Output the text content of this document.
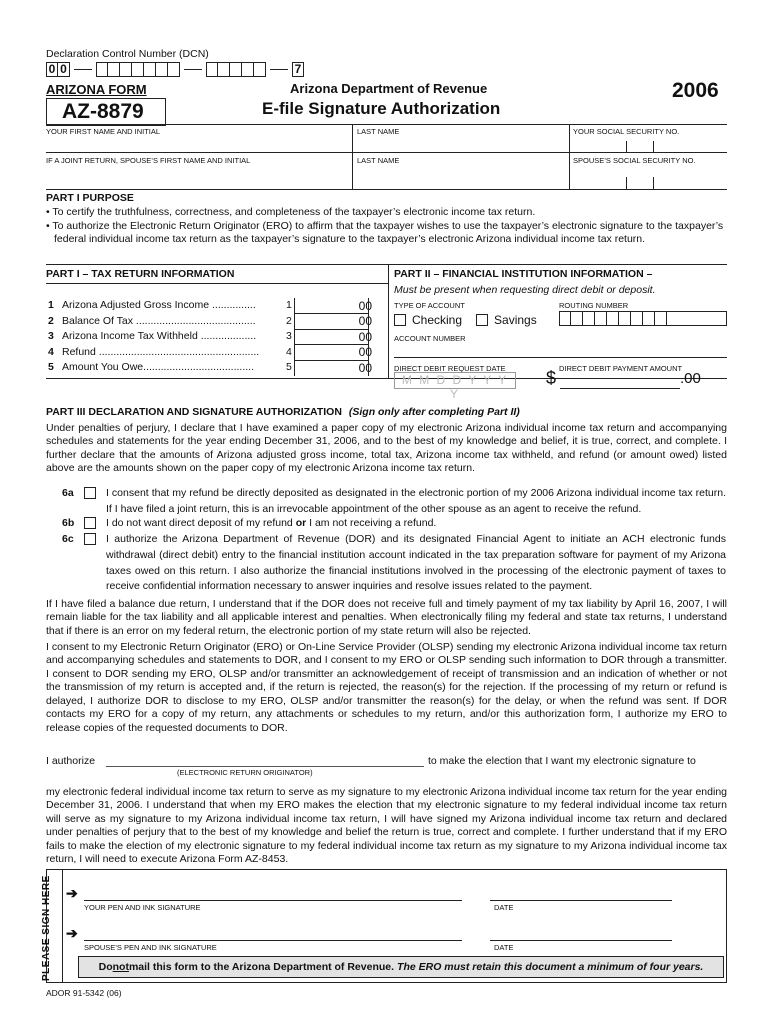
Declaration Control Number (DCN)
0 0	7
ARIZONA FORM
AZ-8879
Arizona Department of Revenue
E-file Signature Authorization
2006
YOUR FIRST NAME AND INITIAL	LAST NAME	YOUR SOCIAL SECURITY NO.
IF A JOINT RETURN, SPOUSE’S FIRST NAME AND INITIAL	LAST NAME	SPOUSE’S SOCIAL SECURITY NO.
PART I PURPOSE
• To certify the truthfulness, correctness, and completeness of the taxpayer’s electronic income tax return.
• To authorize the Electronic Return Originator (ERO) to affirm that the taxpayer wishes to use the taxpayer’s electronic signature to the taxpayer’s federal individual income tax return as the taxpayer’s signature to the taxpayer’s electronic Arizona individual income tax return.
PART I – TAX RETURN INFORMATION
1 Arizona Adjusted Gross Income ...............	1	00
2 Balance Of Tax .........................................	2	00
3 Arizona Income Tax Withheld ...................	3	00
4 Refund .......................................................	4	00
5 Amount You Owe......................................	5	00
PART II – FINANCIAL INSTITUTION INFORMATION –
Must be present when requesting direct debit or deposit.
TYPE OF ACCOUNT	ROUTING NUMBER
Checking	Savings
ACCOUNT NUMBER
DIRECT DEBIT REQUEST DATE	DIRECT DEBIT PAYMENT AMOUNT
M M D D Y Y Y Y
$	.00
PART III DECLARATION AND SIGNATURE AUTHORIZATION (Sign only after completing Part II)
Under penalties of perjury, I declare that I have examined a paper copy of my electronic Arizona individual income tax return and accompanying schedules and statements for the year ending December 31, 2006, and to the best of my knowledge and belief, it is true, correct, and complete. I further declare that the amounts of Arizona adjusted gross income, total tax, Arizona income tax withheld, and refund (or amount owed) listed above are the amounts shown on the paper copy of my electronic Arizona income tax return.
6a	I consent that my refund be directly deposited as designated in the electronic portion of my 2006 Arizona individual income tax return. If I have filed a joint return, this is an irrevocable appointment of the other spouse as an agent to receive the refund.
6b	I do not want direct deposit of my refund or I am not receiving a refund.
6c	I authorize the Arizona Department of Revenue (DOR) and its designated Financial Agent to initiate an ACH electronic funds withdrawal (direct debit) entry to the financial institution account indicated in the tax preparation software for payment of my Arizona taxes owed on this return. I also authorize the financial institutions involved in the processing of the electronic payment of taxes to receive confidential information necessary to answer inquiries and resolve issues related to the payment.
If I have filed a balance due return, I understand that if the DOR does not receive full and timely payment of my tax liability by April 16, 2007, I will remain liable for the tax liability and all applicable interest and penalties. When electronically filing my federal and state tax returns, I understand that if there is an error on my federal return, the electronic portion of my state return will also be rejected.
I consent to my Electronic Return Originator (ERO) or On-Line Service Provider (OLSP) sending my electronic Arizona individual income tax return and accompanying schedules and statements to DOR, and I consent to my ERO or OLSP sending such information to DOR through a transmitter. I consent to DOR sending my ERO, OLSP and/or transmitter an acknowledgement of receipt of transmission and an indication of whether or not the transmission of my return is accepted and, if the return is rejected, the reason(s) for the rejection. If the processing of my return or refund is delayed, I authorize DOR to disclose to my ERO, OLSP and/or transmitter the reason(s) for the delay, or when the refund was sent. If DOR contacts my ERO for a copy of my return, any attachments or schedules to my return, and/or this authorization form, I authorize my ERO to release copies of the requested documents to DOR.
I authorize	to make the election that I want my electronic signature to
(ELECTRONIC RETURN ORIGINATOR)
my electronic federal individual income tax return to serve as my signature to my electronic Arizona individual income tax return for the year ending December 31, 2006. I understand that when my ERO makes the election that my electronic signature to my federal individual income tax return will serve as my signature to my Arizona individual income tax return, I will have signed my Arizona individual income tax return and declared under penalties of perjury that to the best of my knowledge and belief the return is true, correct and complete. I further understand that if my ERO fails to make the election of my electronic signature to my federal individual income tax return as my signature to my Arizona individual income tax return, I will need to execute Arizona Form AZ-8453.
PLEASE SIGN HERE ➔
YOUR PEN AND INK SIGNATURE	DATE
➔
SPOUSE’S PEN AND INK SIGNATURE	DATE
Do not mail this form to the Arizona Department of Revenue. The ERO must retain this document a minimum of four years.
ADOR 91-5342 (06)
